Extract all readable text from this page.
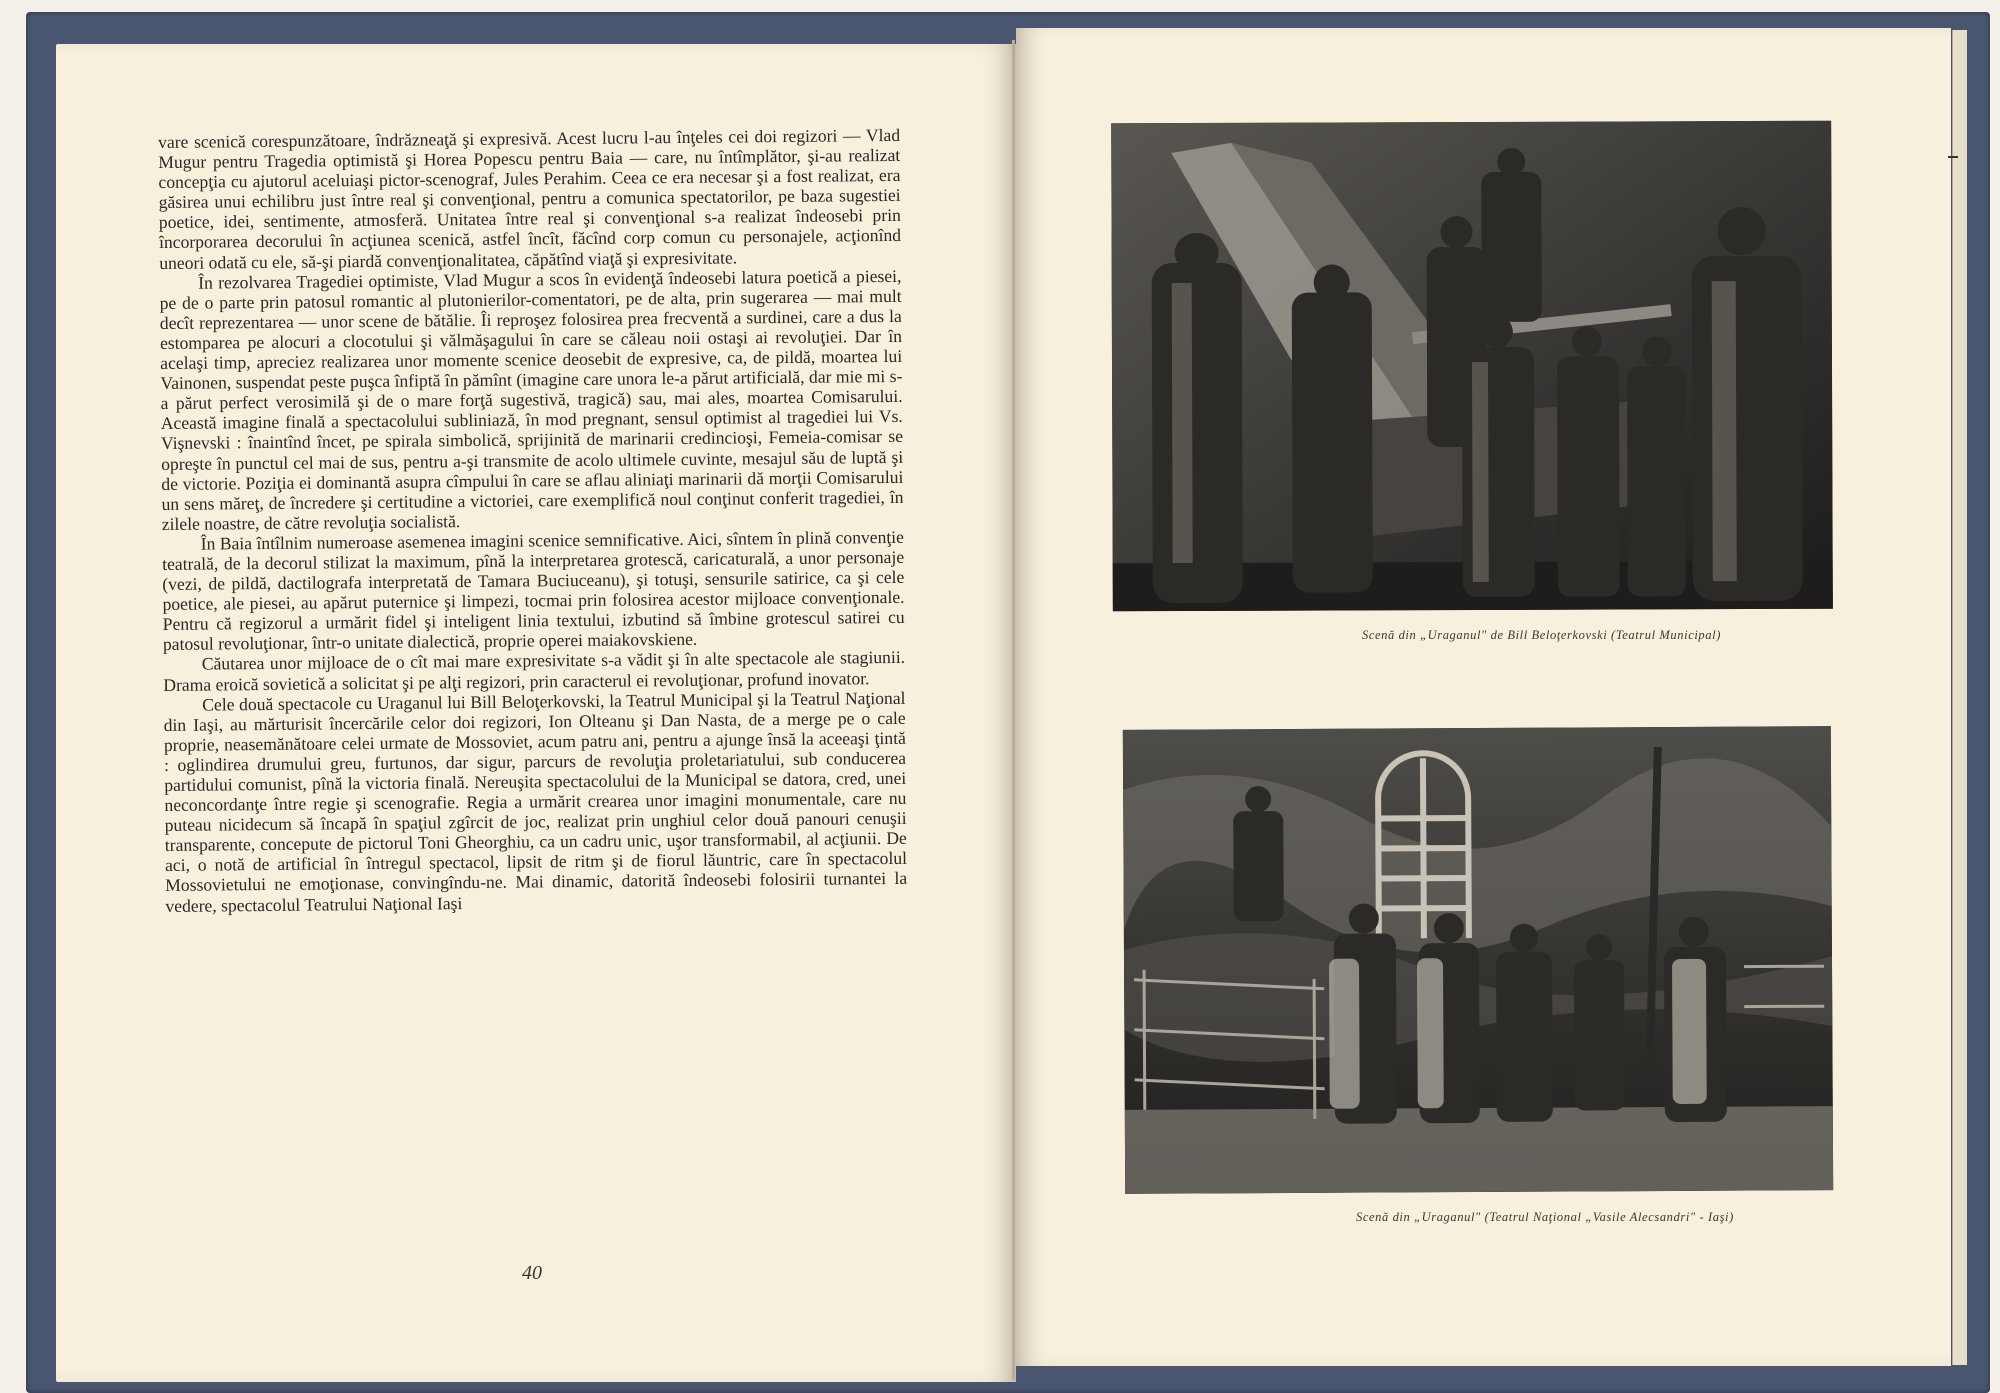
vare scenică corespunzătoare, îndrăzneaţă şi expresivă. Acest lucru l-au înţeles cei doi regizori — Vlad Mugur pentru Tragedia optimistă şi Horea Popescu pentru Baia — care, nu întîmplător, şi-au realizat concepţia cu ajutorul aceluiaşi pictor-scenograf, Jules Perahim. Ceea ce era necesar şi a fost realizat, era găsirea unui echilibru just între real şi convenţional, pentru a comunica spectatorilor, pe baza sugestiei poetice, idei, sentimente, atmosferă. Unitatea între real şi convenţional s-a realizat îndeosebi prin încorporarea decorului în acţiunea scenică, astfel încît, făcînd corp comun cu personajele, acţionînd uneori odată cu ele, să-şi piardă convenţionalitatea, căpătînd viaţă şi expresivitate.

În rezolvarea Tragediei optimiste, Vlad Mugur a scos în evidenţă îndeosebi latura poetică a piesei, pe de o parte prin patosul romantic al plutonierilor-comentatori, pe de alta, prin sugerarea — mai mult decît reprezentarea — unor scene de bătălie. Îi reproşez folosirea prea frecventă a surdinei, care a dus la estomparea pe alocuri a clocotului şi vălmăşagului în care se căleau noii ostaşi ai revoluţiei. Dar în acelaşi timp, apreciez realizarea unor momente scenice deosebit de expresive, ca, de pildă, moartea lui Vainonen, suspendat peste puşca înfiptă în pămînt (imagine care unora le-a părut artificială, dar mie mi s-a părut perfect verosimilă şi de o mare forţă sugestivă, tragică) sau, mai ales, moartea Comisarului. Această imagine finală a spectacolului subliniază, în mod pregnant, sensul optimist al tragediei lui Vs. Vişnevski : înaintînd încet, pe spirala simbolică, sprijinită de marinarii credincioşi, Femeia-comisar se opreşte în punctul cel mai de sus, pentru a-şi transmite de acolo ultimele cuvinte, mesajul său de luptă şi de victorie. Poziţia ei dominantă asupra cîmpului în care se aflau aliniaţi marinarii dă morţii Comisarului un sens măreţ, de încredere şi certitudine a victoriei, care exemplifică noul conţinut conferit tragediei, în zilele noastre, de către revoluţia socialistă.

În Baia întîlnim numeroase asemenea imagini scenice semnificative. Aici, sîntem în plină convenţie teatrală, de la decorul stilizat la maximum, pînă la interpretarea grotescă, caricaturală, a unor personaje (vezi, de pildă, dactilografa interpretată de Tamara Buciuceanu), şi totuşi, sensurile satirice, ca şi cele poetice, ale piesei, au apărut puternice şi limpezi, tocmai prin folosirea acestor mijloace convenţionale. Pentru că regizorul a urmărit fidel şi inteligent linia textului, izbutind să îmbine grotescul satirei cu patosul revoluţionar, într-o unitate dialectică, proprie operei maiakovskiene.

Căutarea unor mijloace de o cît mai mare expresivitate s-a vădit şi în alte spectacole ale stagiunii. Drama eroică sovietică a solicitat şi pe alţi regizori, prin caracterul ei revoluţionar, profund inovator.

Cele două spectacole cu Uraganul lui Bill Beloţerkovski, la Teatrul Municipal şi la Teatrul Naţional din Iaşi, au mărturisit încercările celor doi regizori, Ion Olteanu şi Dan Nasta, de a merge pe o cale proprie, neasemănătoare celei urmate de Mossoviet, acum patru ani, pentru a ajunge însă la aceeaşi ţintă : oglindirea drumului greu, furtunos, dar sigur, parcurs de revoluţia proletariatului, sub conducerea partidului comunist, pînă la victoria finală. Nereuşita spectacolului de la Municipal se datora, cred, unei neconcordanţe între regie şi scenografie. Regia a urmărit crearea unor imagini monumentale, care nu puteau nicidecum să încapă în spaţiul zgîrcit de joc, realizat prin unghiul celor două panouri cenuşii transparente, concepute de pictorul Toni Gheorghiu, ca un cadru unic, uşor transformabil, al acţiunii. De aci, o notă de artificial în întregul spectacol, lipsit de ritm şi de fiorul lăuntric, care în spectacolul Mossovietului ne emoţionase, convingîndu-ne. Mai dinamic, datorită îndeosebi folosirii turnantei la vedere, spectacolul Teatrului Naţional Iaşi

40
Scenă din „Uraganul" de Bill Beloţerkovski (Teatrul Municipal)
Scenă din „Uraganul" (Teatrul Naţional „Vasile Alecsandri" - Iaşi)
